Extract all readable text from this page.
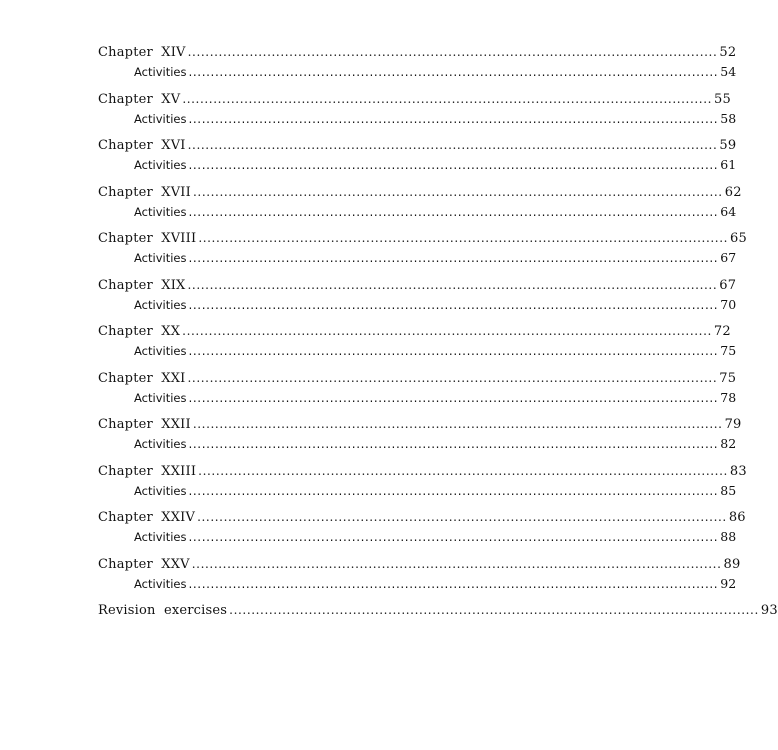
Chapter XIV ........................................................................................................................ 52
Activities ........................................................................................................................ 54
Chapter XV ........................................................................................................................ 55
Activities ........................................................................................................................ 58
Chapter XVI ........................................................................................................................ 59
Activities ........................................................................................................................ 61
Chapter XVII ........................................................................................................................ 62
Activities ........................................................................................................................ 64
Chapter XVIII ........................................................................................................................ 65
Activities ........................................................................................................................ 67
Chapter XIX ........................................................................................................................ 67
Activities ........................................................................................................................ 70
Chapter XX ........................................................................................................................ 72
Activities ........................................................................................................................ 75
Chapter XXI ........................................................................................................................ 75
Activities ........................................................................................................................ 78
Chapter XXII ........................................................................................................................ 79
Activities ........................................................................................................................ 82
Chapter XXIII ........................................................................................................................ 83
Activities ........................................................................................................................ 85
Chapter XXIV ........................................................................................................................ 86
Activities ........................................................................................................................ 88
Chapter XXV ........................................................................................................................ 89
Activities ........................................................................................................................ 92
Revision exercises ........................................................................................................................ 93
